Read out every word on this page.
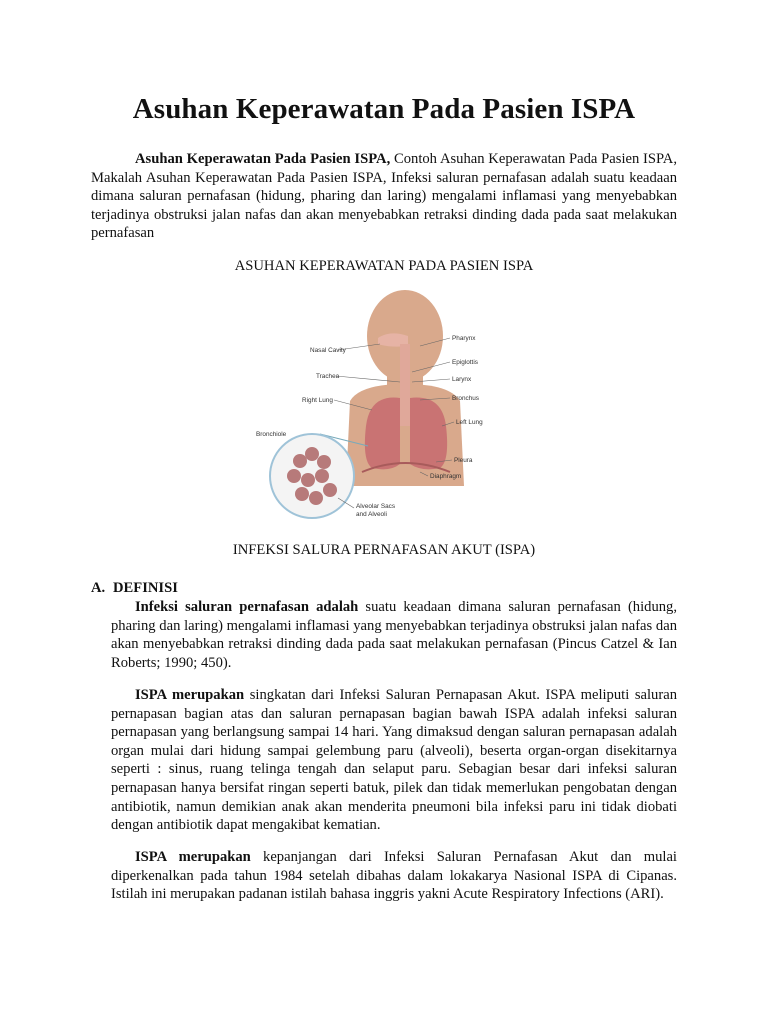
Asuhan Keperawatan Pada Pasien ISPA

Asuhan Keperawatan Pada Pasien ISPA, Contoh Asuhan Keperawatan Pada Pasien ISPA, Makalah Asuhan Keperawatan Pada Pasien ISPA, Infeksi saluran pernafasan adalah suatu keadaan dimana saluran pernafasan (hidung, pharing dan laring) mengalami inflamasi yang menyebabkan terjadinya obstruksi jalan nafas dan akan menyebabkan retraksi dinding dada pada saat melakukan pernafasan

ASUHAN KEPERAWATAN PADA PASIEN ISPA

Nasal Cavity
Trachea
Right Lung
Bronchiole
Pharynx
Epiglottis
Larynx
Bronchus
Left Lung
Pleura
Diaphragm
Alveolar Sacs
and Alveoli

INFEKSI SALURA PERNAFASAN AKUT (ISPA)

A. DEFINISI

Infeksi saluran pernafasan adalah suatu keadaan dimana saluran pernafasan (hidung, pharing dan laring) mengalami inflamasi yang menyebabkan terjadinya obstruksi jalan nafas dan akan menyebabkan retraksi dinding dada pada saat melakukan pernafasan (Pincus Catzel & Ian Roberts; 1990; 450).

ISPA merupakan singkatan dari Infeksi Saluran Pernapasan Akut. ISPA meliputi saluran pernapasan bagian atas dan saluran pernapasan bagian bawah ISPA adalah infeksi saluran pernapasan yang berlangsung sampai 14 hari. Yang dimaksud dengan saluran pernapasan adalah organ mulai dari hidung sampai gelembung paru (alveoli), beserta organ-organ disekitarnya seperti : sinus, ruang telinga tengah dan selaput paru. Sebagian besar dari infeksi saluran pernapasan hanya bersifat ringan seperti batuk, pilek dan tidak memerlukan pengobatan dengan antibiotik, namun demikian anak akan menderita pneumoni bila infeksi paru ini tidak diobati dengan antibiotik dapat mengakibat kematian.

ISPA merupakan kepanjangan dari Infeksi Saluran Pernafasan Akut dan mulai diperkenalkan pada tahun 1984 setelah dibahas dalam lokakarya Nasional ISPA di Cipanas. Istilah ini merupakan padanan istilah bahasa inggris yakni Acute Respiratory Infections (ARI).
